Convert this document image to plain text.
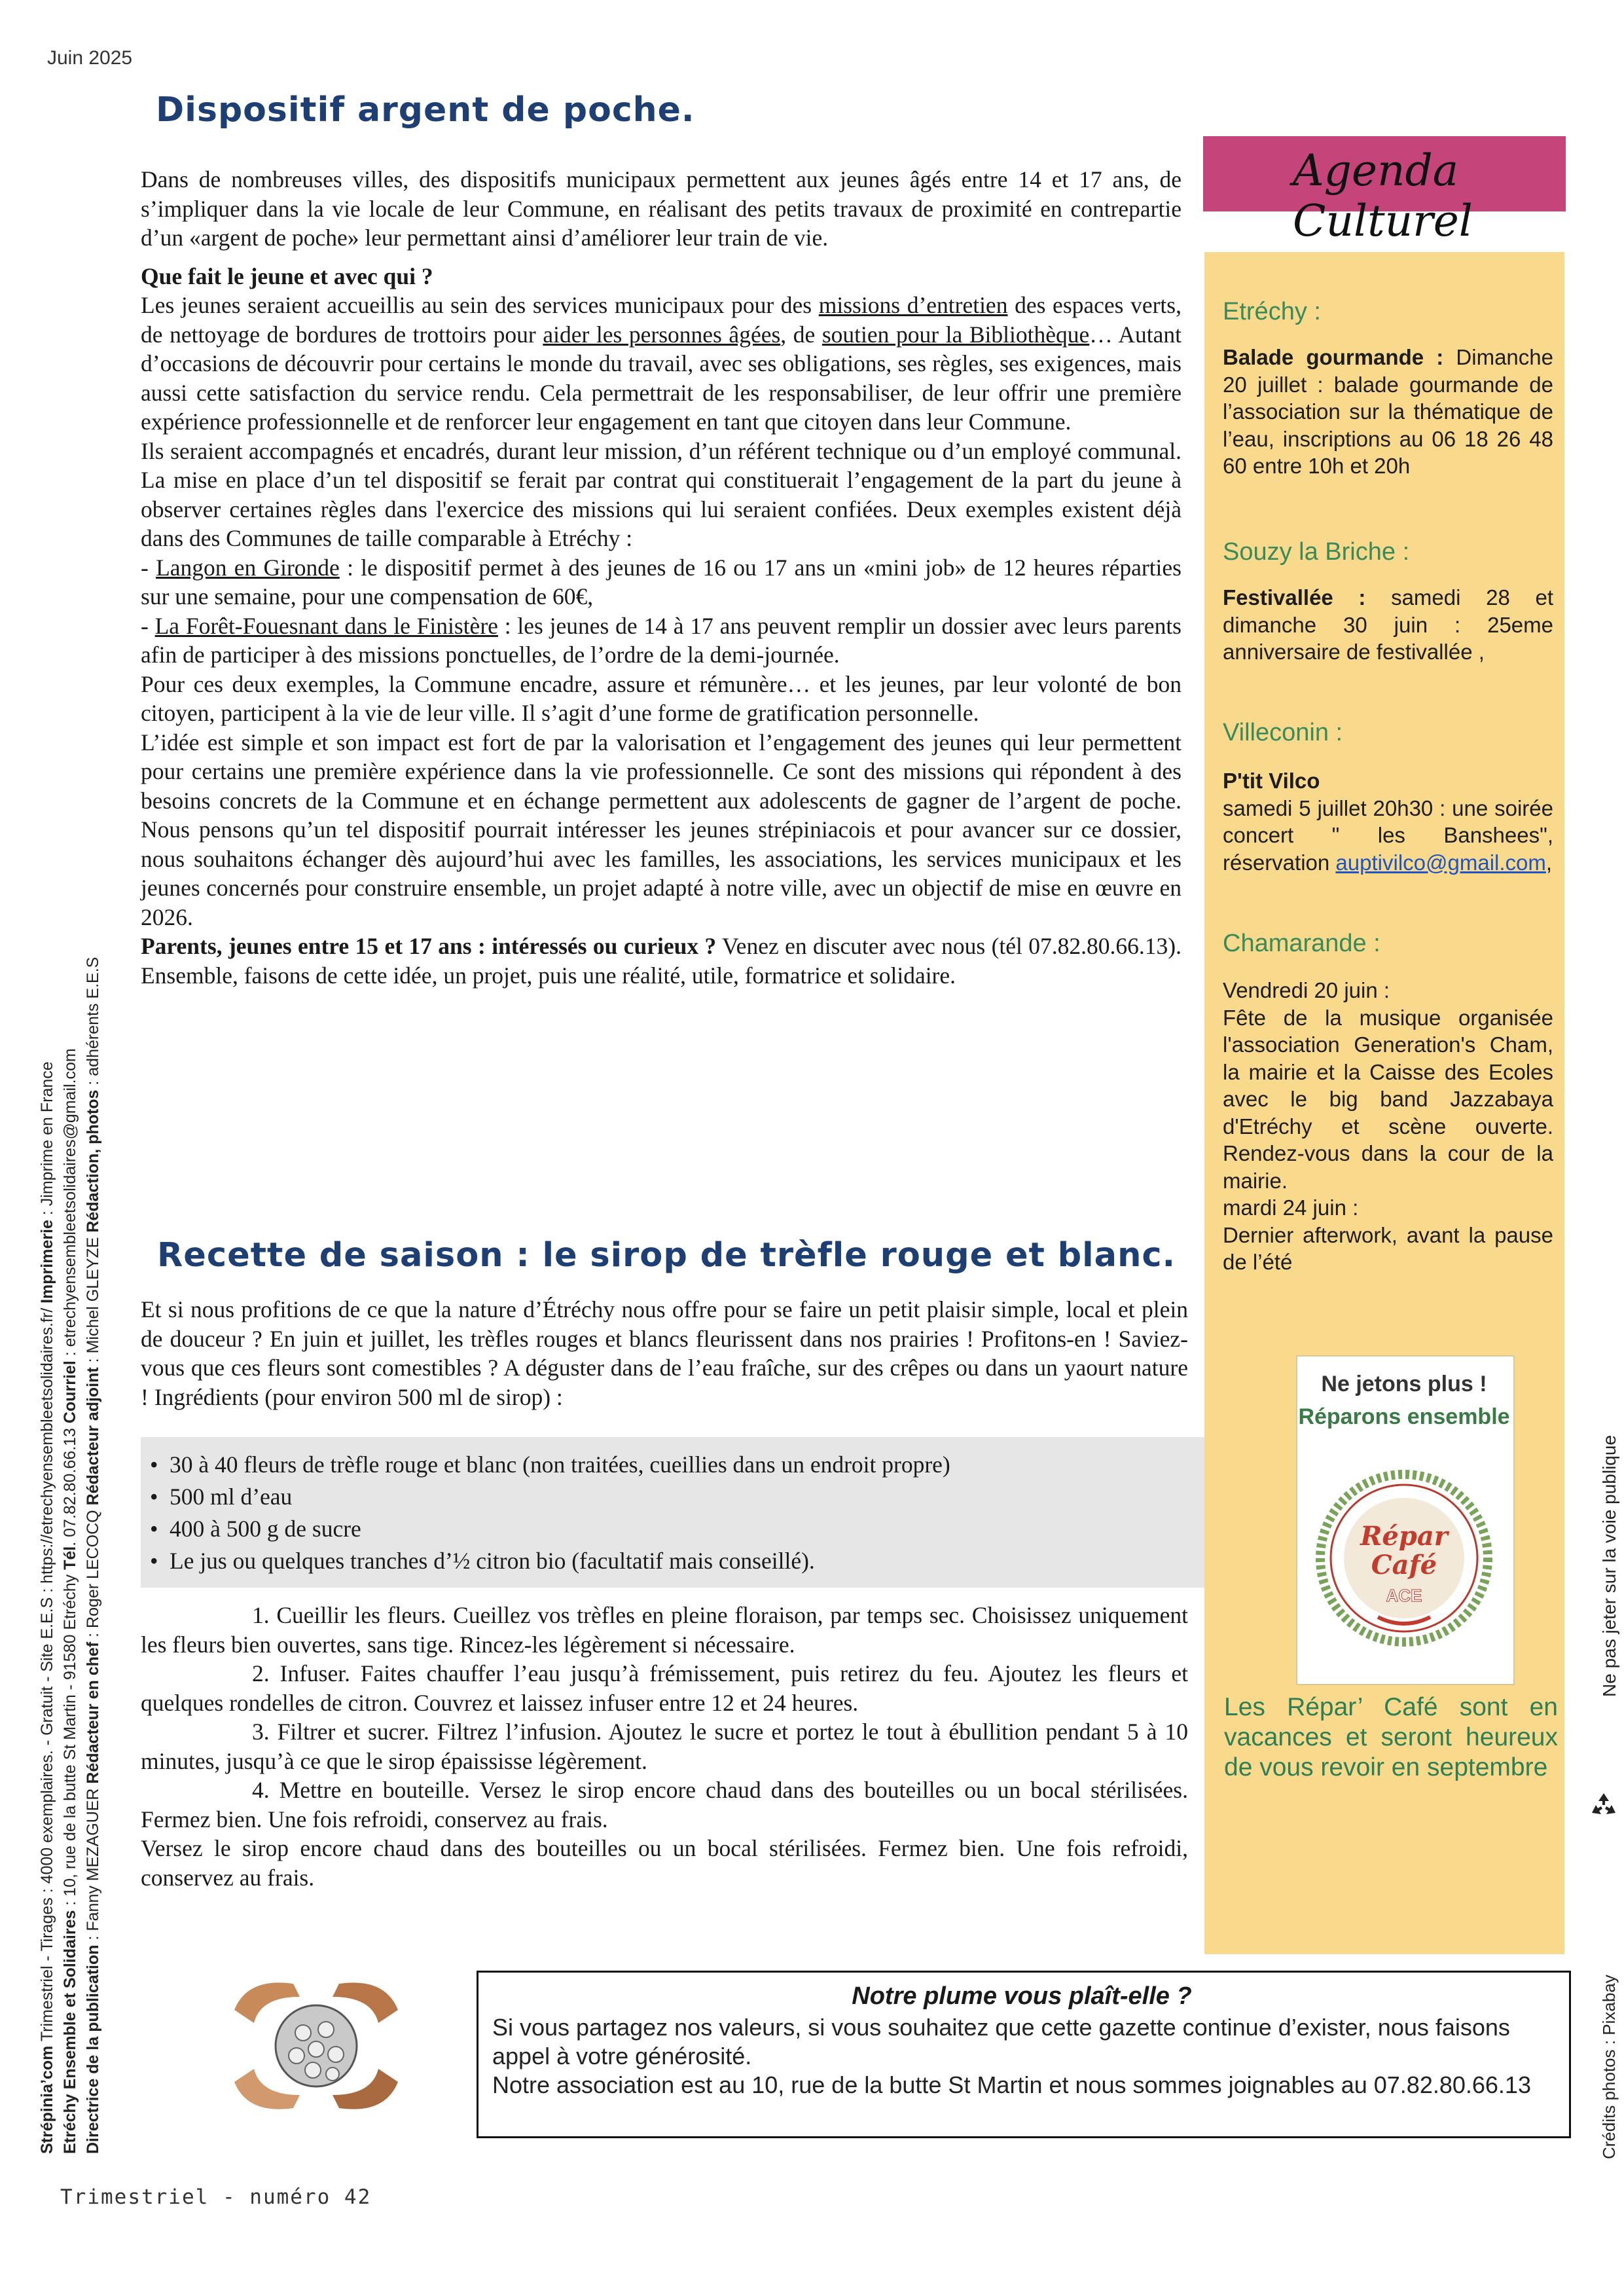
Juin 2025
Dispositif argent de poche.

Dans de nombreuses villes, des dispositifs municipaux permettent aux jeunes âgés entre 14 et 17 ans, de s’impliquer dans la vie locale de leur Commune, en réalisant des petits travaux de proximité en contrepartie d’un «argent de poche» leur permettant ainsi d’améliorer leur train de vie.

Que fait le jeune et avec qui ?

Les jeunes seraient accueillis au sein des services municipaux pour des missions d’entretien des espaces verts, de nettoyage de bordures de trottoirs pour aider les personnes âgées, de soutien pour la Bibliothèque… Autant d’occasions de découvrir pour certains le monde du travail, avec ses obligations, ses règles, ses exigences, mais aussi cette satisfaction du service rendu. Cela permettrait de les responsabiliser, de leur offrir une première expérience professionnelle et de renforcer leur engagement en tant que citoyen dans leur Commune.

Ils seraient accompagnés et encadrés, durant leur mission, d’un référent technique ou d’un employé communal. La mise en place d’un tel dispositif se ferait par contrat qui constituerait l’engagement de la part du jeune à observer certaines règles dans l'exercice des missions qui lui seraient confiées. Deux exemples existent déjà dans des Communes de taille comparable à Etréchy :

- Langon en Gironde : le dispositif permet à des jeunes de 16 ou 17 ans un «mini job» de 12 heures réparties sur une semaine, pour une compensation de 60€,

- La Forêt-Fouesnant dans le Finistère : les jeunes de 14 à 17 ans peuvent remplir un dossier avec leurs parents afin de participer à des missions ponctuelles, de l’ordre de la demi-journée.

Pour ces deux exemples, la Commune encadre, assure et rémunère… et les jeunes, par leur volonté de bon citoyen, participent à la vie de leur ville. Il s’agit d’une forme de gratification personnelle.

L’idée est simple et son impact est fort de par la valorisation et l’engagement des jeunes qui leur permettent pour certains une première expérience dans la vie professionnelle. Ce sont des missions qui répondent à des besoins concrets de la Commune et en échange permettent aux adolescents de gagner de l’argent de poche. Nous pensons qu’un tel dispositif pourrait intéresser les jeunes strépiniacois et pour avancer sur ce dossier, nous souhaitons échanger dès aujourd’hui avec les familles, les associations, les services municipaux et les jeunes concernés pour construire ensemble, un projet adapté à notre ville, avec un objectif de mise en œuvre en 2026.

Parents, jeunes entre 15 et 17 ans : intéressés ou curieux ? Venez en discuter avec nous (tél 07.82.80.66.13). Ensemble, faisons de cette idée, un projet, puis une réalité, utile, formatrice et solidaire.

Recette de saison : le sirop de trèfle rouge et blanc.

Et si nous profitions de ce que la nature d’Étréchy nous offre pour se faire un petit plaisir simple, local et plein de douceur ? En juin et juillet, les trèfles rouges et blancs fleurissent dans nos prairies ! Profitons-en ! Saviez-vous que ces fleurs sont comestibles ? A déguster dans de l’eau fraîche, sur des crêpes ou dans un yaourt nature ! Ingrédients (pour environ 500 ml de sirop) :

• 30 à 40 fleurs de trèfle rouge et blanc (non traitées, cueillies dans un endroit propre)
• 500 ml d’eau
• 400 à 500 g de sucre
• Le jus ou quelques tranches d’½ citron bio (facultatif mais conseillé).

1. Cueillir les fleurs. Cueillez vos trèfles en pleine floraison, par temps sec. Choisissez uniquement les fleurs bien ouvertes, sans tige. Rincez-les légèrement si nécessaire.

2. Infuser. Faites chauffer l’eau jusqu’à frémissement, puis retirez du feu. Ajoutez les fleurs et quelques rondelles de citron. Couvrez et laissez infuser entre 12 et 24 heures.

3. Filtrer et sucrer. Filtrez l’infusion. Ajoutez le sucre et portez le tout à ébullition pendant 5 à 10 minutes, jusqu’à ce que le sirop épaississe légèrement.

4. Mettre en bouteille. Versez le sirop encore chaud dans des bouteilles ou un bocal stérilisées. Fermez bien. Une fois refroidi, conservez au frais.

Versez le sirop encore chaud dans des bouteilles ou un bocal stérilisées. Fermez bien. Une fois refroidi, conservez au frais.

Agenda Culturel
Etréchy :

Balade gourmande : Dimanche 20 juillet : balade gourmande de l’association sur la thématique de l’eau, inscriptions au 06 18 26 48 60 entre 10h et 20h

Souzy la Briche :

Festivallée : samedi 28 et dimanche 30 juin : 25eme anniversaire de festivallée ,

Villeconin :

P'tit Vilco

samedi 5 juillet 20h30 : une soirée concert " les Banshees", réservation auptivilco@gmail.com,

Chamarande :

Vendredi 20 juin :

Fête de la musique organisée l'association Generation's Cham, la mairie et la Caisse des Ecoles avec le big band Jazzabaya d'Etréchy et scène ouverte. Rendez-vous dans la cour de la mairie.

mardi 24 juin :

Dernier afterwork, avant la pause de l’été

Ne jetons plus !
Réparons ensemble
Répar
Café
ACE
Les Répar’ Café sont en vacances et seront heureux de vous revoir en septembre
Strépinia’com Trimestriel - Tirages : 4000 exemplaires. - Gratuit - Site E.E.S : https://etrechyensembleetsolidaires.fr/ Imprimerie : Jimprime en France
Etréchy Ensemble et Solidaires : 10, rue de la butte St Martin - 91580 Etréchy Tél. 07.82.80.66.13 Courriel : etrechyensembleetsolidaires@gmail.com
Directrice de la publication : Fanny MEZAGUER Rédacteur en chef : Roger LECOCQ Rédacteur adjoint : Michel GLEYZE Rédaction, photos : adhérents E.E.S
Ne pas jeter sur la voie publique
Crédits photos : Pixabay
Notre plume vous plaît-elle ?

Si vous partagez nos valeurs, si vous souhaitez que cette gazette continue d’exister, nous faisons appel à votre générosité.

Notre association est au 10, rue de la butte St Martin et nous sommes joignables au 07.82.80.66.13

Trimestriel - numéro 42
